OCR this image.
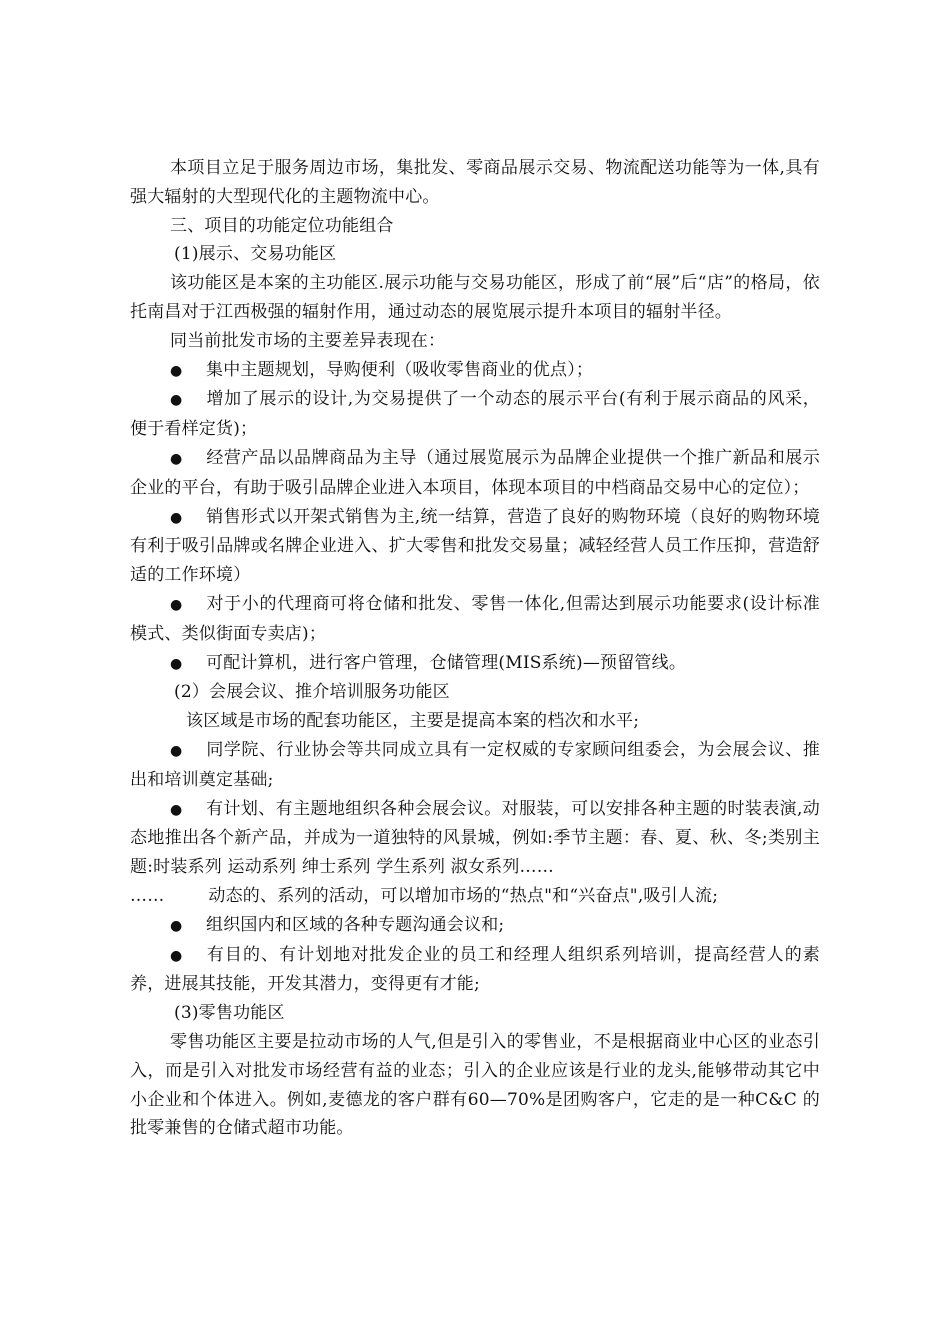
本项目立足于服务周边市场，集批发、零商品展示交易、物流配送功能等为一体,具有强大辐射的大型现代化的主题物流中心。

三、项目的功能定位功能组合

(1)展示、交易功能区

该功能区是本案的主功能区.展示功能与交易功能区，形成了前“展”后“店”的格局，依托南昌对于江西极强的辐射作用，通过动态的展览展示提升本项目的辐射半径。

同当前批发市场的主要差异表现在：

● 集中主题规划，导购便利（吸收零售商业的优点）；

● 增加了展示的设计,为交易提供了一个动态的展示平台(有利于展示商品的风采，便于看样定货)；

● 经营产品以品牌商品为主导（通过展览展示为品牌企业提供一个推广新品和展示企业的平台，有助于吸引品牌企业进入本项目，体现本项目的中档商品交易中心的定位）；

● 销售形式以开架式销售为主,统一结算，营造了良好的购物环境（良好的购物环境有利于吸引品牌或名牌企业进入、扩大零售和批发交易量；减轻经营人员工作压抑，营造舒适的工作环境）

● 对于小的代理商可将仓储和批发、零售一体化,但需达到展示功能要求(设计标准模式、类似街面专卖店)；

● 可配计算机，进行客户管理，仓储管理(MIS系统)—预留管线。

(2）会展会议、推介培训服务功能区

该区域是市场的配套功能区，主要是提高本案的档次和水平;

● 同学院、行业协会等共同成立具有一定权威的专家顾问组委会，为会展会议、推出和培训奠定基础;

● 有计划、有主题地组织各种会展会议。对服装，可以安排各种主题的时装表演,动态地推出各个新产品，并成为一道独特的风景城，例如:季节主题：春、夏、秋、冬;类别主题:时装系列 运动系列 绅士系列 学生系列 淑女系列……

……	动态的、系列的活动，可以增加市场的“热点"和“兴奋点",吸引人流;

● 组织国内和区域的各种专题沟通会议和;

● 有目的、有计划地对批发企业的员工和经理人组织系列培训，提高经营人的素养，进展其技能，开发其潜力，变得更有才能;

(3)零售功能区

零售功能区主要是拉动市场的人气,但是引入的零售业，不是根据商业中心区的业态引入，而是引入对批发市场经营有益的业态；引入的企业应该是行业的龙头,能够带动其它中小企业和个体进入。例如,麦德龙的客户群有60—70%是团购客户，它走的是一种C&C 的批零兼售的仓储式超市功能。
